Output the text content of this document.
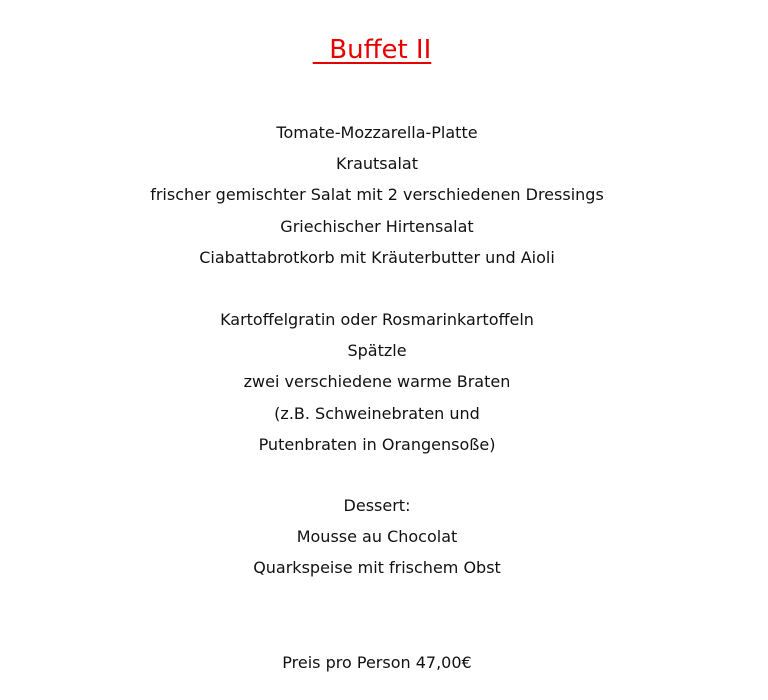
Buffet II
Tomate-Mozzarella-Platte
Krautsalat
frischer gemischter Salat mit 2 verschiedenen Dressings
Griechischer Hirtensalat
Ciabattabrotkorb mit Kräuterbutter und Aioli
Kartoffelgratin oder Rosmarinkartoffeln
Spätzle
zwei verschiedene warme Braten
(z.B. Schweinebraten und
Putenbraten in Orangensoße)
Dessert:
Mousse au Chocolat
Quarkspeise mit frischem Obst
Preis pro Person 47,00€
